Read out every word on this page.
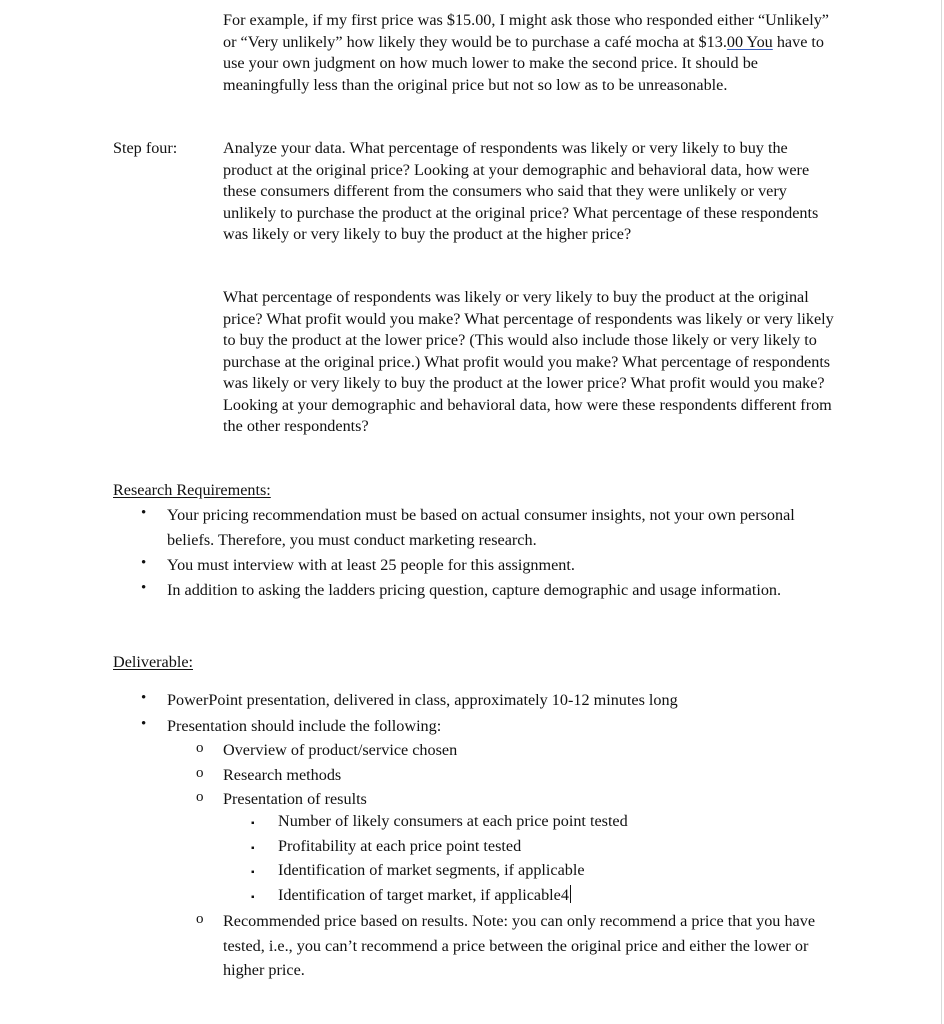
For example, if my first price was $15.00, I might ask those who responded either “Unlikely” or “Very unlikely” how likely they would be to purchase a café mocha at $13.00 You have to use your own judgment on how much lower to make the second price. It should be meaningfully less than the original price but not so low as to be unreasonable.

Step four:	Analyze your data. What percentage of respondents was likely or very likely to buy the product at the original price? Looking at your demographic and behavioral data, how were these consumers different from the consumers who said that they were unlikely or very unlikely to purchase the product at the original price? What percentage of these respondents was likely or very likely to buy the product at the higher price?

What percentage of respondents was likely or very likely to buy the product at the original price? What profit would you make? What percentage of respondents was likely or very likely to buy the product at the lower price? (This would also include those likely or very likely to purchase at the original price.) What profit would you make? What percentage of respondents was likely or very likely to buy the product at the lower price? What profit would you make? Looking at your demographic and behavioral data, how were these respondents different from the other respondents?

Research Requirements:
• Your pricing recommendation must be based on actual consumer insights, not your own personal beliefs. Therefore, you must conduct marketing research.
• You must interview with at least 25 people for this assignment.
• In addition to asking the ladders pricing question, capture demographic and usage information.
Deliverable:
• PowerPoint presentation, delivered in class, approximately 10-12 minutes long
• Presentation should include the following:
o Overview of product/service chosen
o Research methods
o Presentation of results
▪ Number of likely consumers at each price point tested
▪ Profitability at each price point tested
▪ Identification of market segments, if applicable
▪ Identification of target market, if applicable4
o Recommended price based on results. Note: you can only recommend a price that you have tested, i.e., you can’t recommend a price between the original price and either the lower or higher price.
